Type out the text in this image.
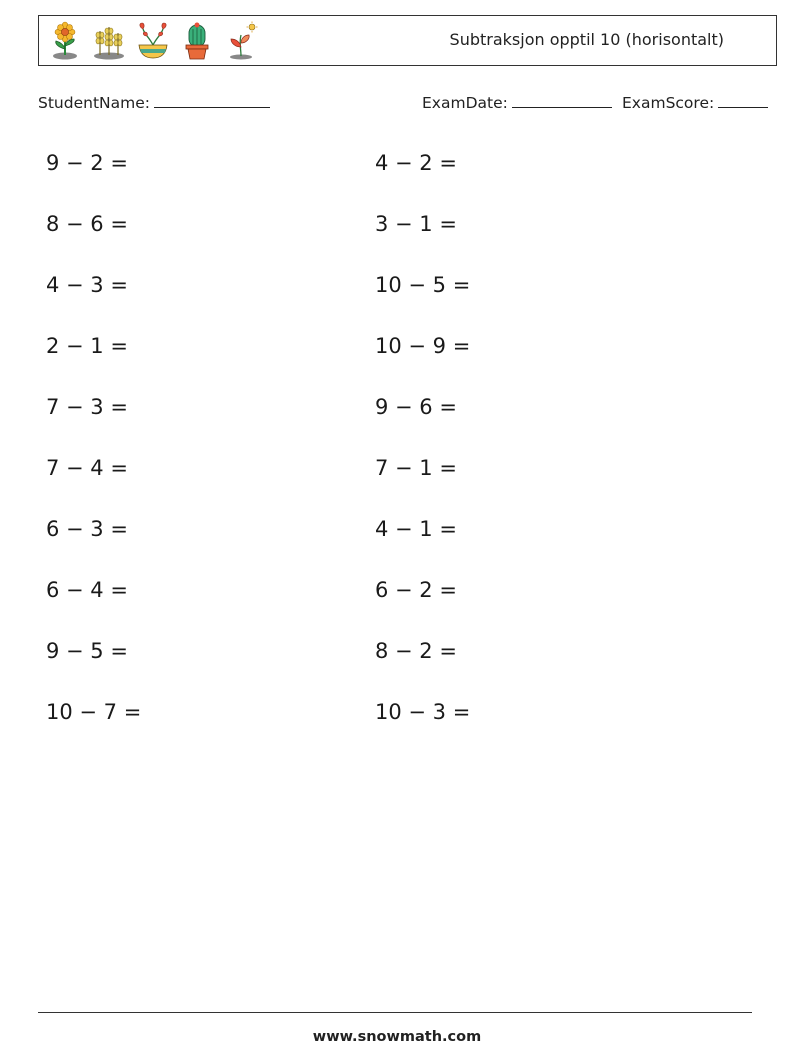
Subtraksjon opptil 10 (horisontalt)
StudentName:	ExamDate:	ExamScore:
9 − 2 =
8 − 6 =
4 − 3 =
2 − 1 =
7 − 3 =
7 − 4 =
6 − 3 =
6 − 4 =
9 − 5 =
10 − 7 =
4 − 2 =
3 − 1 =
10 − 5 =
10 − 9 =
9 − 6 =
7 − 1 =
4 − 1 =
6 − 2 =
8 − 2 =
10 − 3 =
www.snowmath.com
